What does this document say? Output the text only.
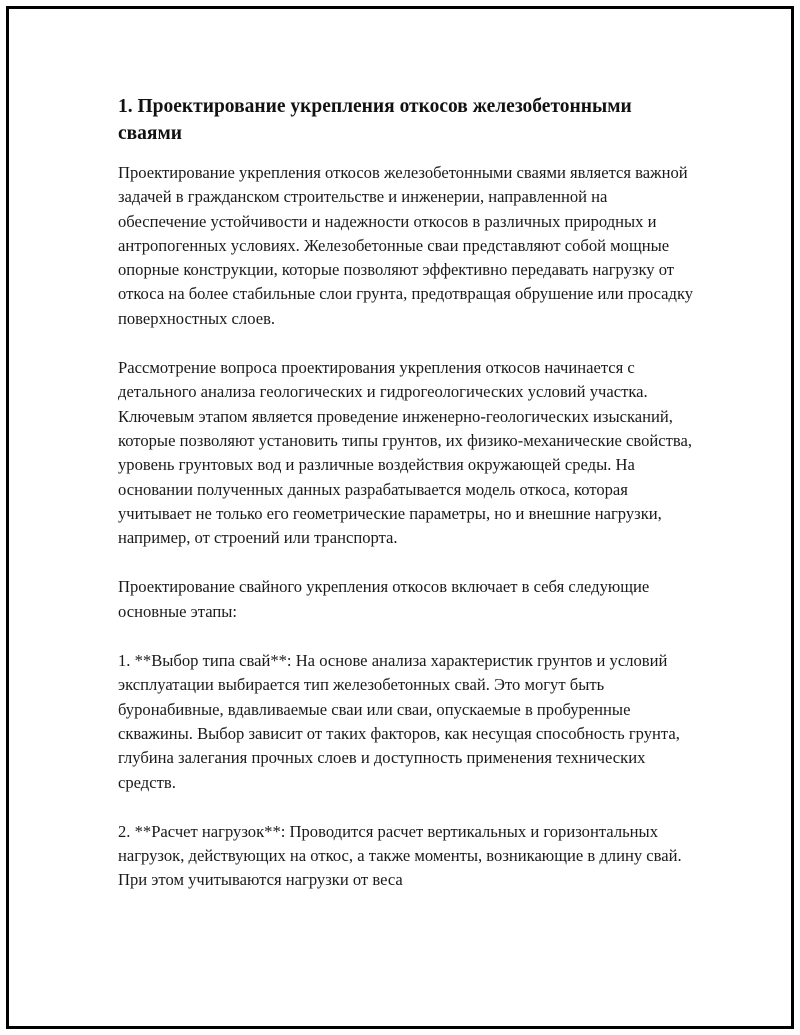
1. Проектирование укрепления откосов железобетонными сваями

Проектирование укрепления откосов железобетонными сваями является важной задачей в гражданском строительстве и инженерии, направленной на обеспечение устойчивости и надежности откосов в различных природных и антропогенных условиях. Железобетонные сваи представляют собой мощные опорные конструкции, которые позволяют эффективно передавать нагрузку от откоса на более стабильные слои грунта, предотвращая обрушение или просадку поверхностных слоев.

Рассмотрение вопроса проектирования укрепления откосов начинается с детального анализа геологических и гидрогеологических условий участка. Ключевым этапом является проведение инженерно-геологических изысканий, которые позволяют установить типы грунтов, их физико-механические свойства, уровень грунтовых вод и различные воздействия окружающей среды. На основании полученных данных разрабатывается модель откоса, которая учитывает не только его геометрические параметры, но и внешние нагрузки, например, от строений или транспорта.

Проектирование свайного укрепления откосов включает в себя следующие основные этапы:

1. **Выбор типа свай**: На основе анализа характеристик грунтов и условий эксплуатации выбирается тип железобетонных свай. Это могут быть буронабивные, вдавливаемые сваи или сваи, опускаемые в пробуренные скважины. Выбор зависит от таких факторов, как несущая способность грунта, глубина залегания прочных слоев и доступность применения технических средств.

2. **Расчет нагрузок**: Проводится расчет вертикальных и горизонтальных нагрузок, действующих на откос, а также моменты, возникающие в длину свай. При этом учитываются нагрузки от веса
